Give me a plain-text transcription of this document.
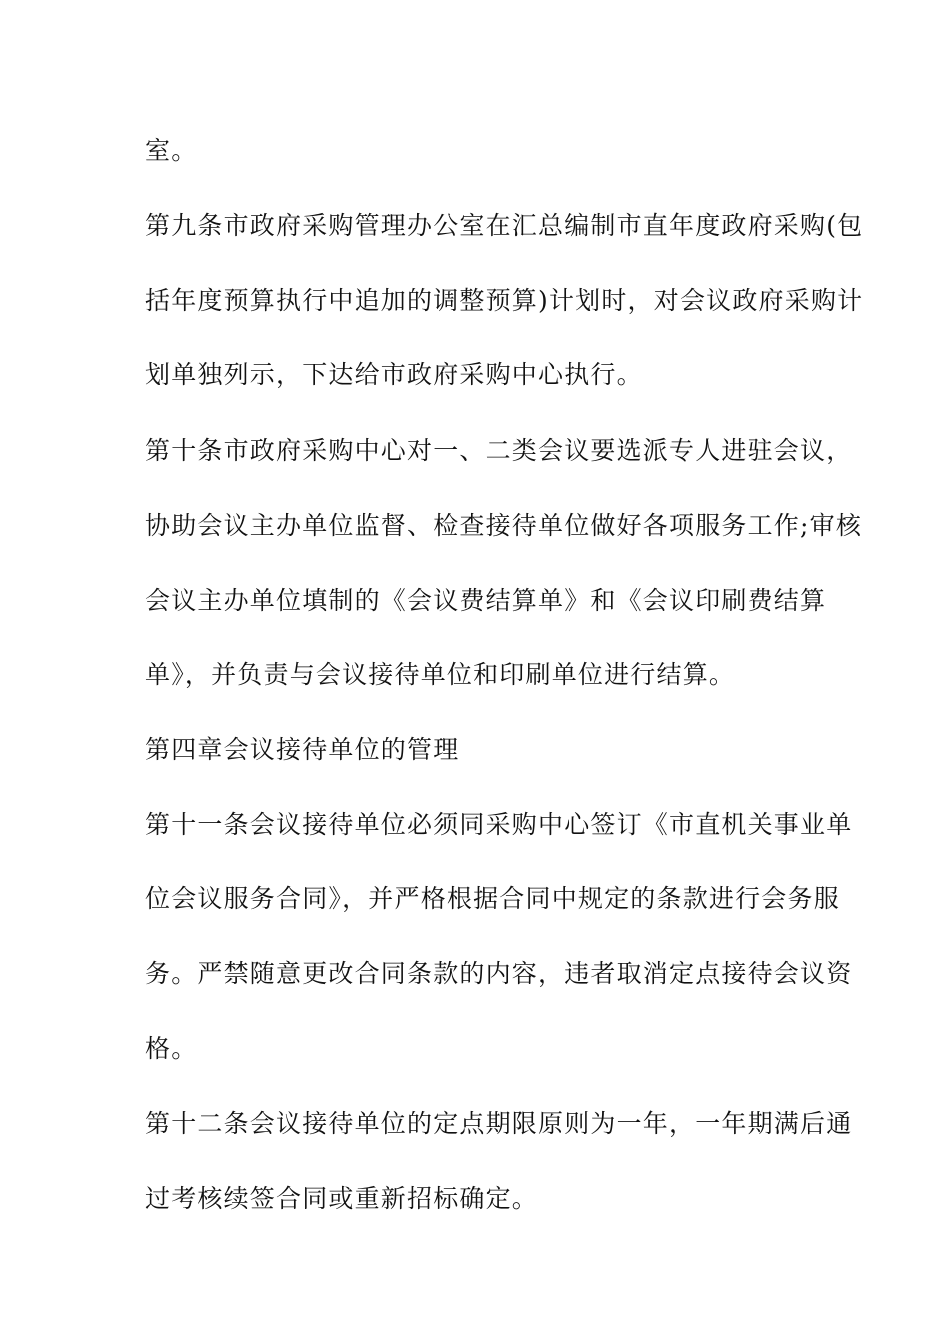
室。

第九条市政府采购管理办公室在汇总编制市直年度政府采购(包

括年度预算执行中追加的调整预算)计划时，对会议政府采购计

划单独列示，下达给市政府采购中心执行。

第十条市政府采购中心对一、二类会议要选派专人进驻会议，

协助会议主办单位监督、检查接待单位做好各项服务工作;审核

会议主办单位填制的《会议费结算单》和《会议印刷费结算

单》，并负责与会议接待单位和印刷单位进行结算。

第四章会议接待单位的管理

第十一条会议接待单位必须同采购中心签订《市直机关事业单

位会议服务合同》，并严格根据合同中规定的条款进行会务服

务。严禁随意更改合同条款的内容，违者取消定点接待会议资

格。

第十二条会议接待单位的定点期限原则为一年，一年期满后通

过考核续签合同或重新招标确定。
